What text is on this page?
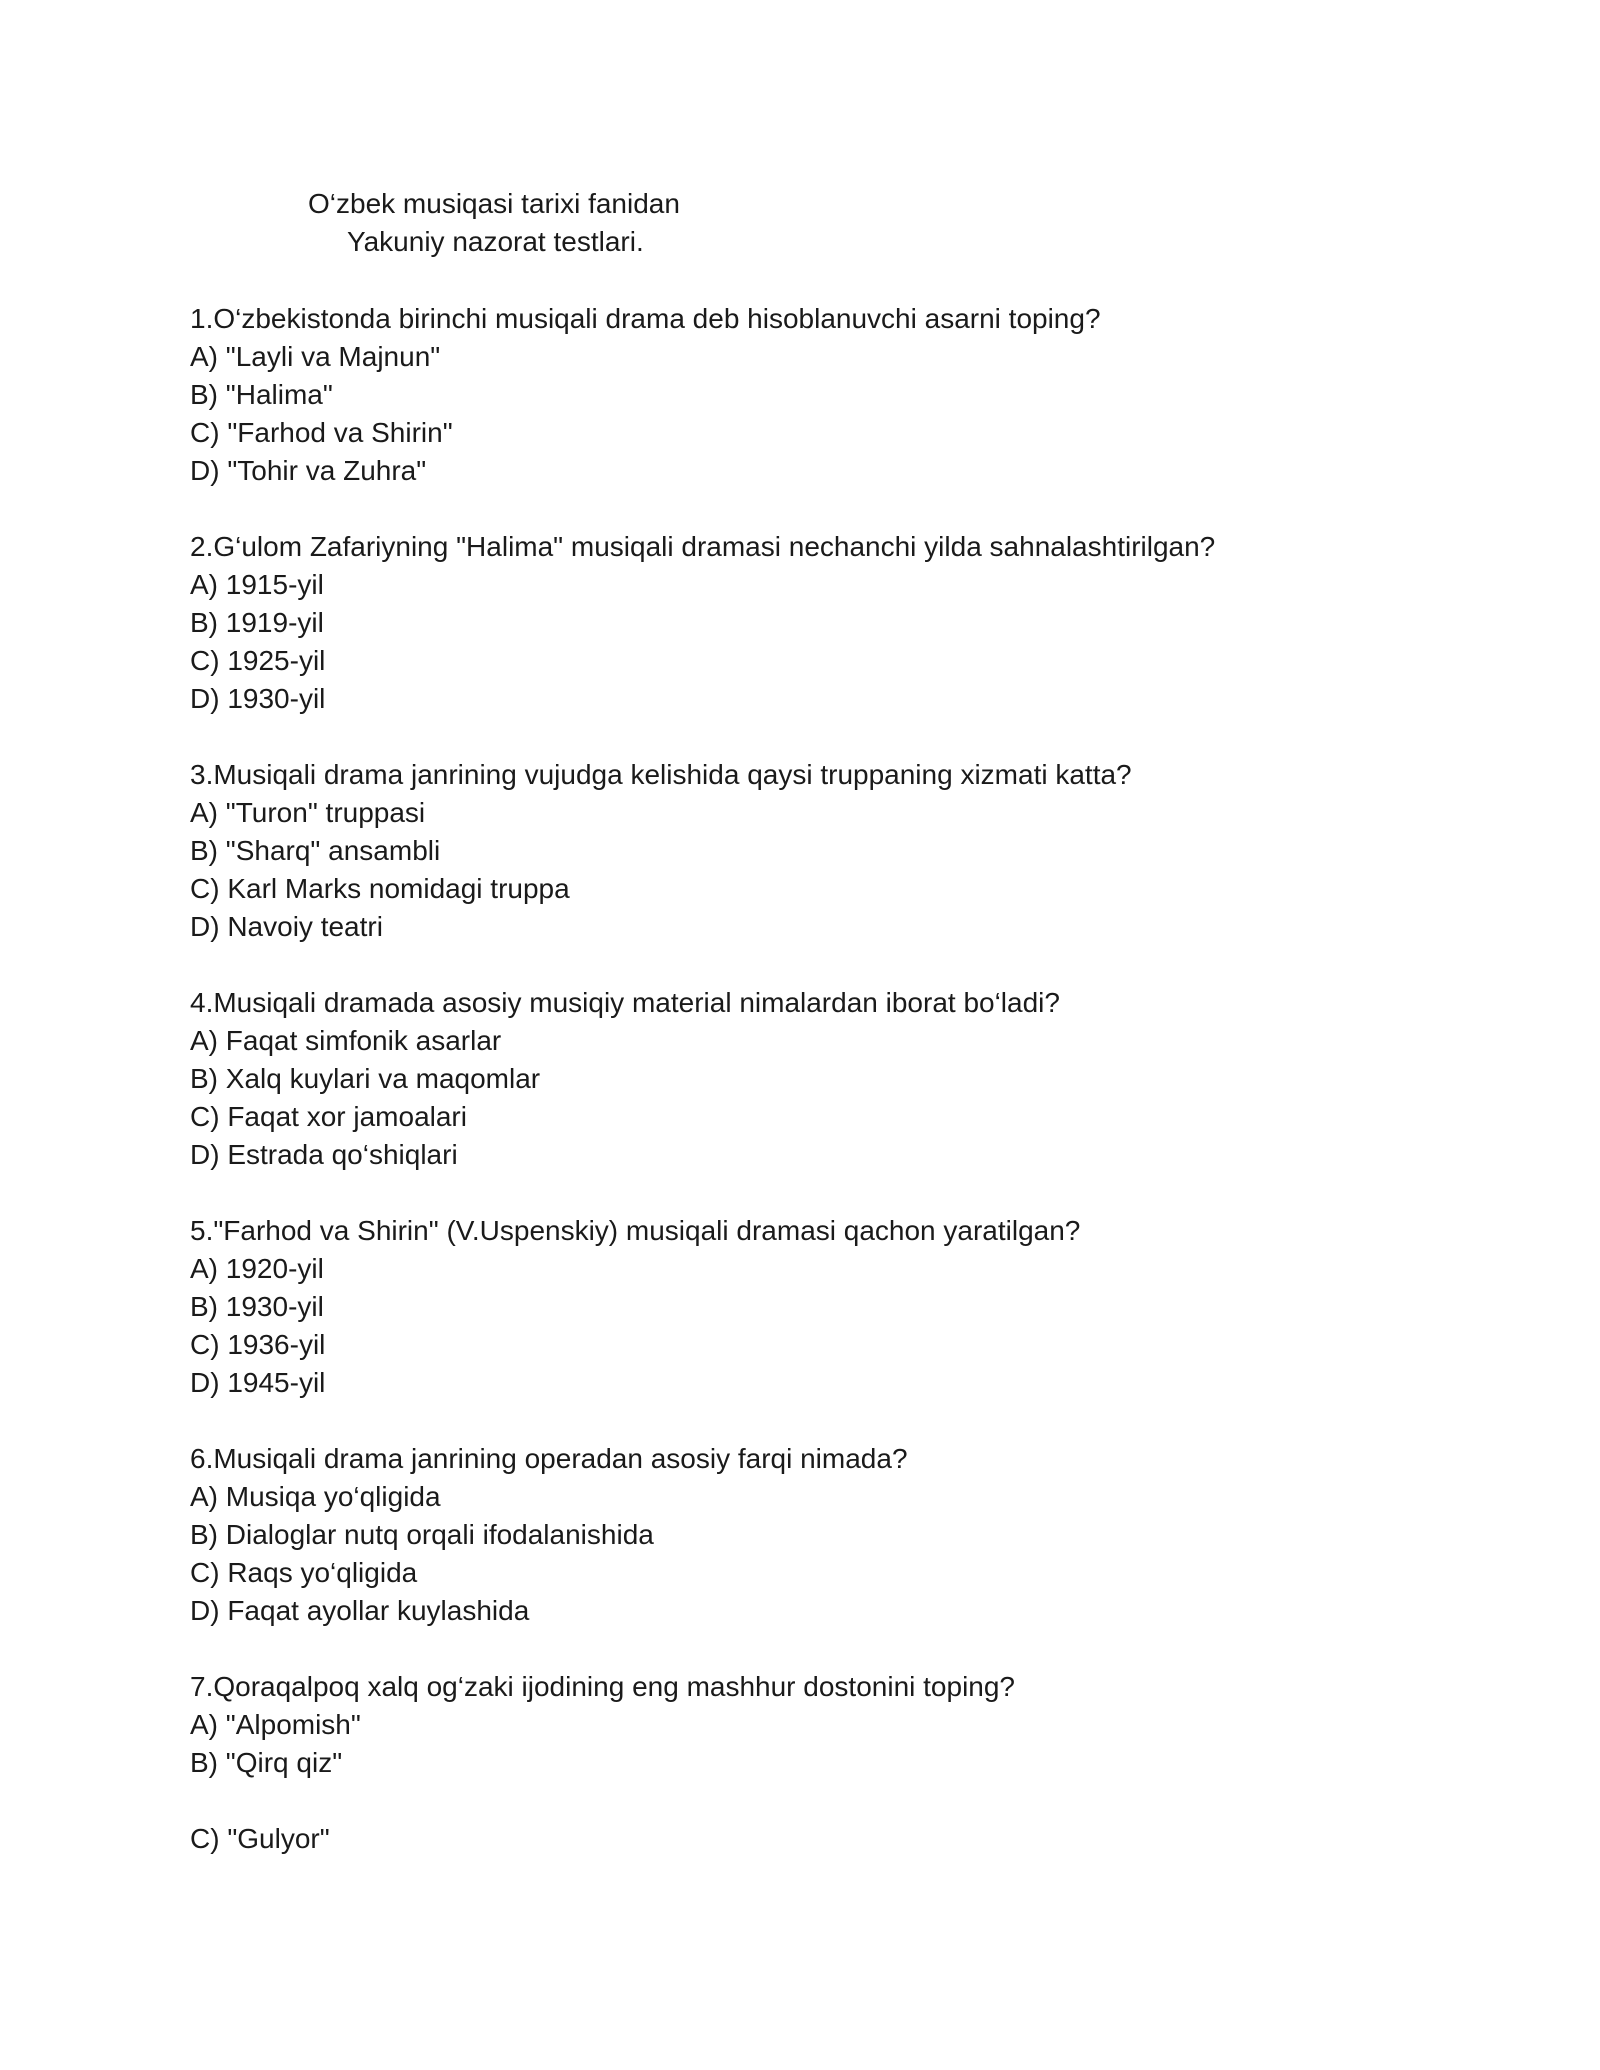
O‘zbek musiqasi tarixi fanidan
Yakuniy nazorat testlari.
1.O‘zbekistonda birinchi musiqali drama deb hisoblanuvchi asarni toping?
A) "Layli va Majnun"
B) "Halima"
C) "Farhod va Shirin"
D) "Tohir va Zuhra"
2.G‘ulom Zafariyning "Halima" musiqali dramasi nechanchi yilda sahnalashtirilgan?
A) 1915-yil
B) 1919-yil
C) 1925-yil
D) 1930-yil
3.Musiqali drama janrining vujudga kelishida qaysi truppaning xizmati katta?
A) "Turon" truppasi
B) "Sharq" ansambli
C) Karl Marks nomidagi truppa
D) Navoiy teatri
4.Musiqali dramada asosiy musiqiy material nimalardan iborat bo‘ladi?
A) Faqat simfonik asarlar
B) Xalq kuylari va maqomlar
C) Faqat xor jamoalari
D) Estrada qo‘shiqlari
5."Farhod va Shirin" (V.Uspenskiy) musiqali dramasi qachon yaratilgan?
A) 1920-yil
B) 1930-yil
C) 1936-yil
D) 1945-yil
6.Musiqali drama janrining operadan asosiy farqi nimada?
A) Musiqa yo‘qligida
B) Dialoglar nutq orqali ifodalanishida
C) Raqs yo‘qligida
D) Faqat ayollar kuylashida
7.Qoraqalpoq xalq og‘zaki ijodining eng mashhur dostonini toping?
A) "Alpomish"
B) "Qirq qiz"
C) "Gulyor"
